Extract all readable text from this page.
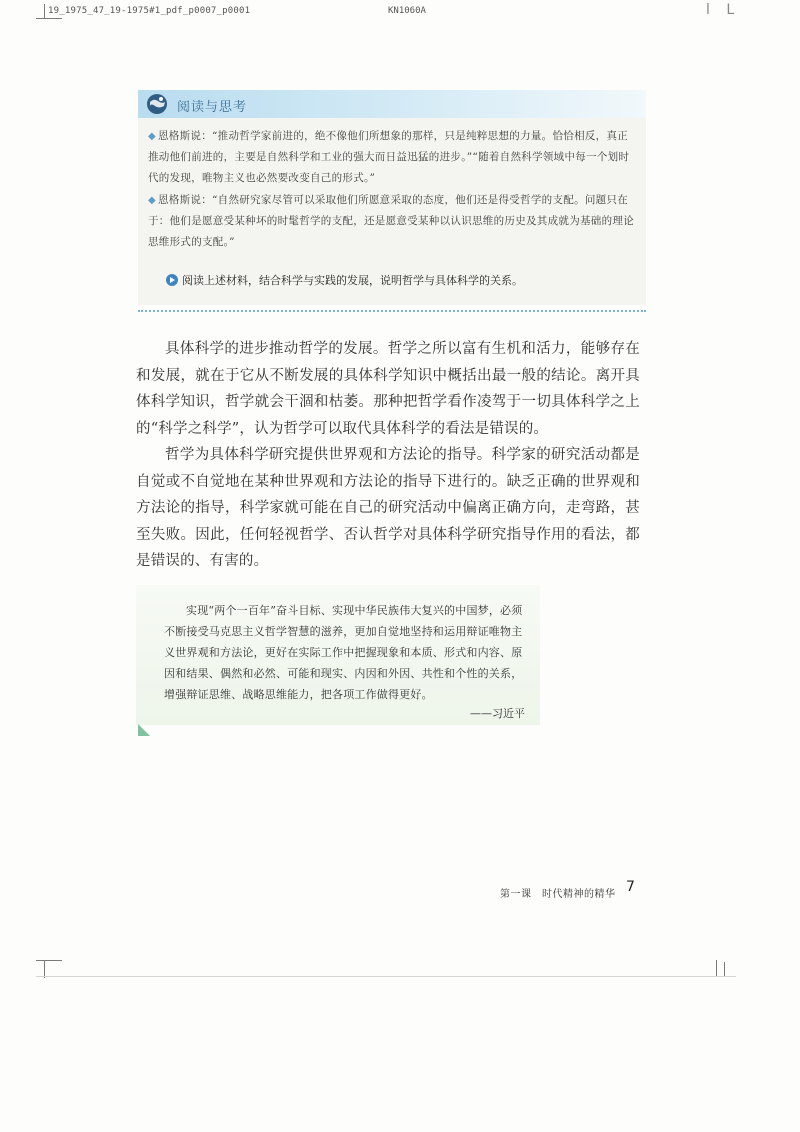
19_1975_47_19-1975#1_pdf_p0007_p0001	KN1060A	l L
阅读与思考
◆ 恩格斯说：“推动哲学家前进的，绝不像他们所想象的那样，只是纯粹思想的力量。恰恰相反，真正推动他们前进的，主要是自然科学和工业的强大而日益迅猛的进步。”“随着自然科学领域中每一个划时代的发现，唯物主义也必然要改变自己的形式。”
◆ 恩格斯说：“自然研究家尽管可以采取他们所愿意采取的态度，他们还是得受哲学的支配。问题只在于：他们是愿意受某种坏的时髦哲学的支配，还是愿意受某种以认识思维的历史及其成就为基础的理论思维形式的支配。”
阅读上述材料，结合科学与实践的发展，说明哲学与具体科学的关系。
具体科学的进步推动哲学的发展。哲学之所以富有生机和活力，能够存在和发展，就在于它从不断发展的具体科学知识中概括出最一般的结论。离开具体科学知识，哲学就会干涸和枯萎。那种把哲学看作凌驾于一切具体科学之上的“科学之科学”，认为哲学可以取代具体科学的看法是错误的。
哲学为具体科学研究提供世界观和方法论的指导。科学家的研究活动都是自觉或不自觉地在某种世界观和方法论的指导下进行的。缺乏正确的世界观和方法论的指导，科学家就可能在自己的研究活动中偏离正确方向，走弯路，甚至失败。因此，任何轻视哲学、否认哲学对具体科学研究指导作用的看法，都是错误的、有害的。
实现“两个一百年”奋斗目标、实现中华民族伟大复兴的中国梦，必须不断接受马克思主义哲学智慧的滋养，更加自觉地坚持和运用辩证唯物主义世界观和方法论，更好在实际工作中把握现象和本质、形式和内容、原因和结果、偶然和必然、可能和现实、内因和外因、共性和个性的关系，增强辩证思维、战略思维能力，把各项工作做得更好。
——习近平
第一课　时代精神的精华 7
